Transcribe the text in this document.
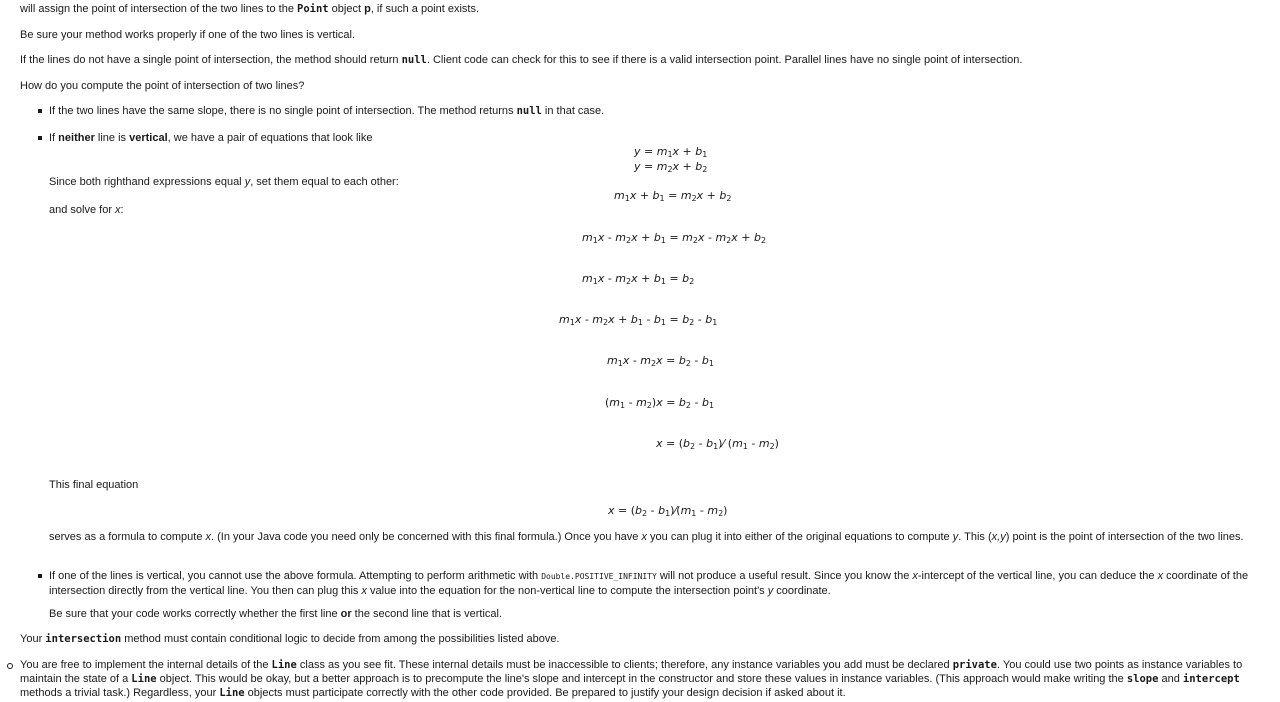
will assign the point of intersection of the two lines to the Point object p, if such a point exists.
Be sure your method works properly if one of the two lines is vertical.
If the lines do not have a single point of intersection, the method should return null. Client code can check for this to see if there is a valid intersection point. Parallel lines have no single point of intersection.
How do you compute the point of intersection of two lines?
If the two lines have the same slope, there is no single point of intersection. The method returns null in that case.
If neither line is vertical, we have a pair of equations that look like
$y = m_1x + b_1$
$y = m_2x + b_2$
Since both righthand expressions equal y, set them equal to each other:
$m_1x + b_1 = m_2x + b_2$
and solve for x:
$m_1x - m_2x + b_1 = m_2x - m_2x + b_2$
$m_1x - m_2x + b_1 = b_2$
$m_1x - m_2x + b_1 - b_1 = b_2 - b_1$
$m_1x - m_2x = b_2 - b_1$
$(m_1 - m_2)x = b_2 - b_1$
$x = (b_2$ - $b_1)⁄$ $(m_1 - m_2)$
This final equation
$x = (b_2$ - $b_1)⁄(m_1 - m_2)$
serves as a formula to compute x. (In your Java code you need only be concerned with this final formula.) Once you have x you can plug it into either of the original equations to compute y. This (x,y) point is the point of intersection of the two lines.
If one of the lines is vertical, you cannot use the above formula. Attempting to perform arithmetic with Double.POSITIVE_INFINITY will not produce a useful result. Since you know the x-intercept of the vertical line, you can deduce the x coordinate of the intersection directly from the vertical line. You then can plug this x value into the equation for the non-vertical line to compute the intersection point's y coordinate.
Be sure that your code works correctly whether the first line or the second line that is vertical.
Your intersection method must contain conditional logic to decide from among the possibilities listed above.
You are free to implement the internal details of the Line class as you see fit. These internal details must be inaccessible to clients; therefore, any instance variables you add must be declared private. You could use two points as instance variables to maintain the state of a Line object. This would be okay, but a better approach is to precompute the line's slope and intercept in the constructor and store these values in instance variables. (This approach would make writing the slope and intercept methods a trivial task.) Regardless, your Line objects must participate correctly with the other code provided. Be prepared to justify your design decision if asked about it.
